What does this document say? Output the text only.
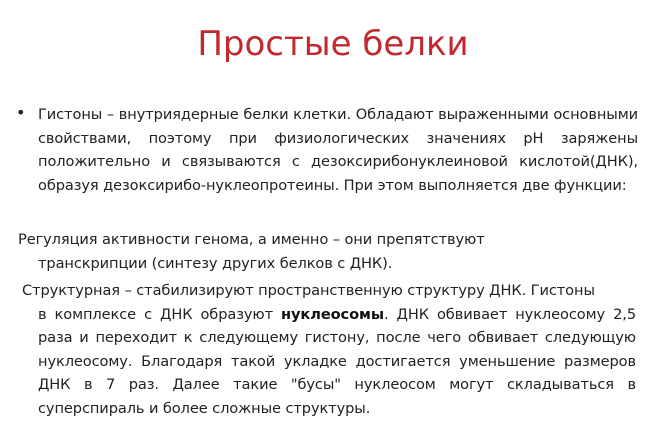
Простые белки
• Гистоны – внутриядерные белки клетки. Обладают выраженными основными свойствами, поэтому при физиологических значениях pH заряжены положительно и связываются с дезоксирибонуклеиновой кислотой(ДНК), образуя дезоксирибо-нуклеопротеины. При этом выполняется две функции:
Регуляция активности генома, а именно – они препятствуют
транскрипции (синтезу других белков с ДНК).
Структурная – стабилизируют пространственную структуру ДНК. Гистоны
в комплексе с ДНК образуют нуклеосомы. ДНК обвивает нуклеосому 2,5 раза и переходит к следующему гистону, после чего обвивает следующую нуклеосому. Благодаря такой укладке достигается уменьшение размеров ДНК в 7 раз. Далее такие "бусы" нуклеосом могут складываться в суперспираль и более сложные структуры.
